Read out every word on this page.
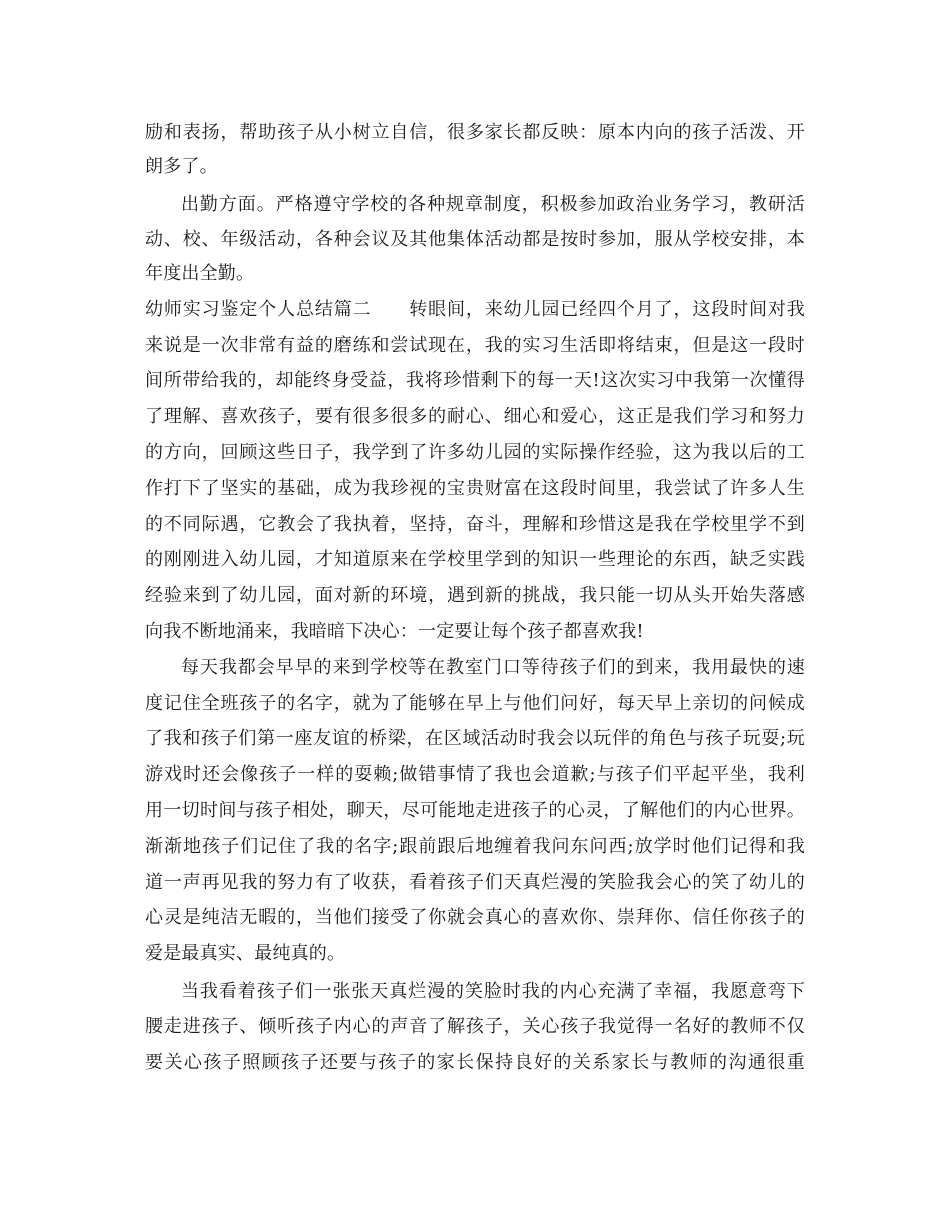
励和表扬，帮助孩子从小树立自信，很多家长都反映：原本内向的孩子活泼、开
朗多了。
出勤方面。严格遵守学校的各种规章制度，积极参加政治业务学习，教研活
动、校、年级活动，各种会议及其他集体活动都是按时参加，服从学校安排，本
年度出全勤。
幼师实习鉴定个人总结篇二　　转眼间，来幼儿园已经四个月了，这段时间对我
来说是一次非常有益的磨练和尝试现在，我的实习生活即将结束，但是这一段时
间所带给我的，却能终身受益，我将珍惜剩下的每一天!这次实习中我第一次懂得
了理解、喜欢孩子，要有很多很多的耐心、细心和爱心，这正是我们学习和努力
的方向，回顾这些日子，我学到了许多幼儿园的实际操作经验，这为我以后的工
作打下了坚实的基础，成为我珍视的宝贵财富在这段时间里，我尝试了许多人生
的不同际遇，它教会了我执着，坚持，奋斗，理解和珍惜这是我在学校里学不到
的刚刚进入幼儿园，才知道原来在学校里学到的知识一些理论的东西，缺乏实践
经验来到了幼儿园，面对新的环境，遇到新的挑战，我只能一切从头开始失落感
向我不断地涌来，我暗暗下决心：一定要让每个孩子都喜欢我!
每天我都会早早的来到学校等在教室门口等待孩子们的到来，我用最快的速
度记住全班孩子的名字，就为了能够在早上与他们问好，每天早上亲切的问候成
了我和孩子们第一座友谊的桥梁，在区域活动时我会以玩伴的角色与孩子玩耍;玩
游戏时还会像孩子一样的耍赖;做错事情了我也会道歉;与孩子们平起平坐，我利
用一切时间与孩子相处，聊天，尽可能地走进孩子的心灵，了解他们的内心世界。
渐渐地孩子们记住了我的名字;跟前跟后地缠着我问东问西;放学时他们记得和我
道一声再见我的努力有了收获，看着孩子们天真烂漫的笑脸我会心的笑了幼儿的
心灵是纯洁无暇的，当他们接受了你就会真心的喜欢你、崇拜你、信任你孩子的
爱是最真实、最纯真的。
当我看着孩子们一张张天真烂漫的笑脸时我的内心充满了幸福，我愿意弯下
腰走进孩子、倾听孩子内心的声音了解孩子，关心孩子我觉得一名好的教师不仅
要关心孩子照顾孩子还要与孩子的家长保持良好的关系家长与教师的沟通很重
